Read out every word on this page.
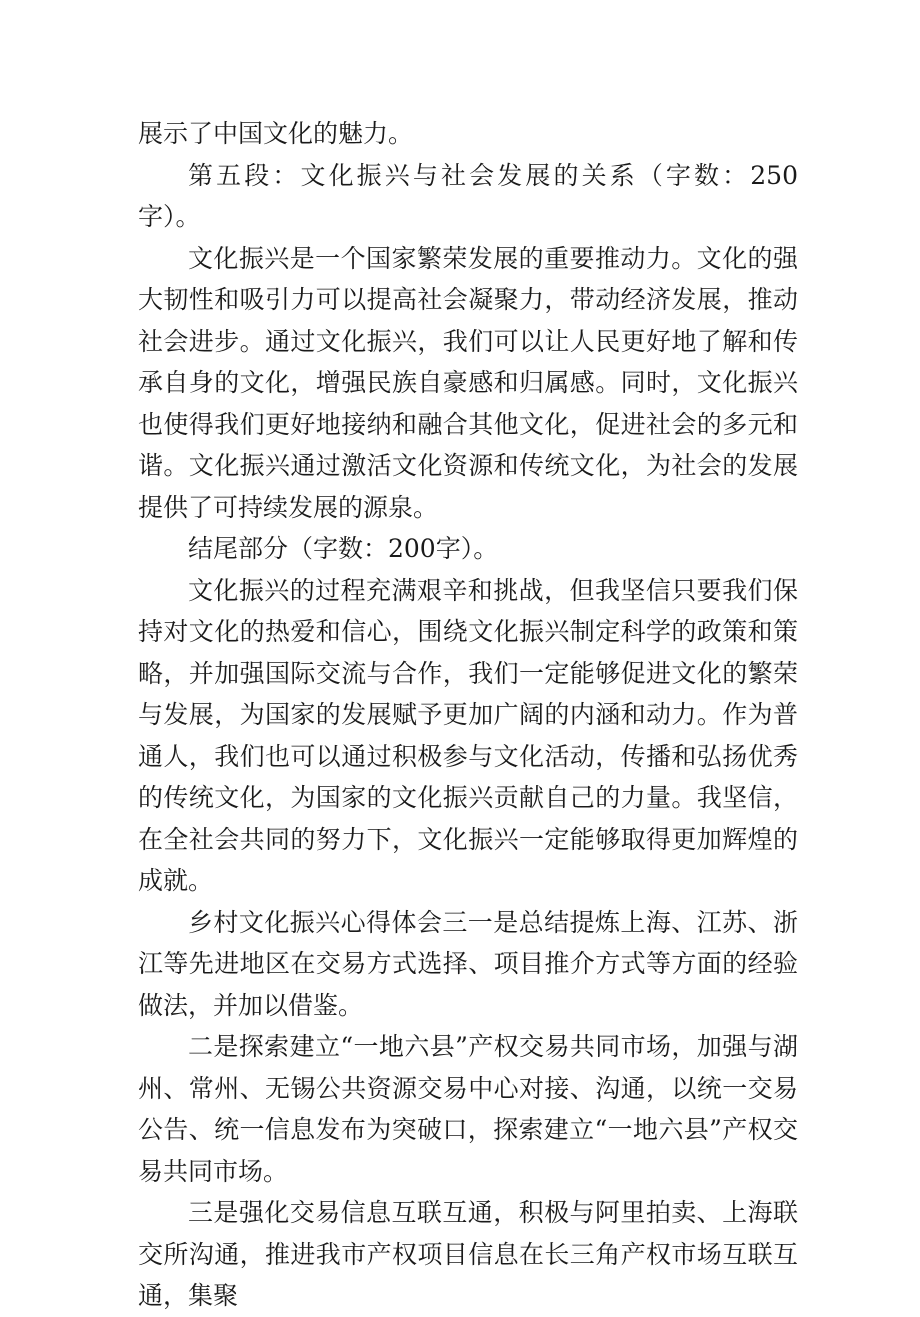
展示了中国文化的魅力。

第五段：文化振兴与社会发展的关系（字数：250字）。

文化振兴是一个国家繁荣发展的重要推动力。文化的强大韧性和吸引力可以提高社会凝聚力，带动经济发展，推动社会进步。通过文化振兴，我们可以让人民更好地了解和传承自身的文化，增强民族自豪感和归属感。同时，文化振兴也使得我们更好地接纳和融合其他文化，促进社会的多元和谐。文化振兴通过激活文化资源和传统文化，为社会的发展提供了可持续发展的源泉。

结尾部分（字数：200字）。

文化振兴的过程充满艰辛和挑战，但我坚信只要我们保持对文化的热爱和信心，围绕文化振兴制定科学的政策和策略，并加强国际交流与合作，我们一定能够促进文化的繁荣与发展，为国家的发展赋予更加广阔的内涵和动力。作为普通人，我们也可以通过积极参与文化活动，传播和弘扬优秀的传统文化，为国家的文化振兴贡献自己的力量。我坚信，在全社会共同的努力下，文化振兴一定能够取得更加辉煌的成就。

乡村文化振兴心得体会三一是总结提炼上海、江苏、浙江等先进地区在交易方式选择、项目推介方式等方面的经验做法，并加以借鉴。

二是探索建立“一地六县”产权交易共同市场，加强与湖州、常州、无锡公共资源交易中心对接、沟通，以统一交易公告、统一信息发布为突破口，探索建立“一地六县”产权交易共同市场。

三是强化交易信息互联互通，积极与阿里拍卖、上海联交所沟通，推进我市产权项目信息在长三角产权市场互联互通，集聚
